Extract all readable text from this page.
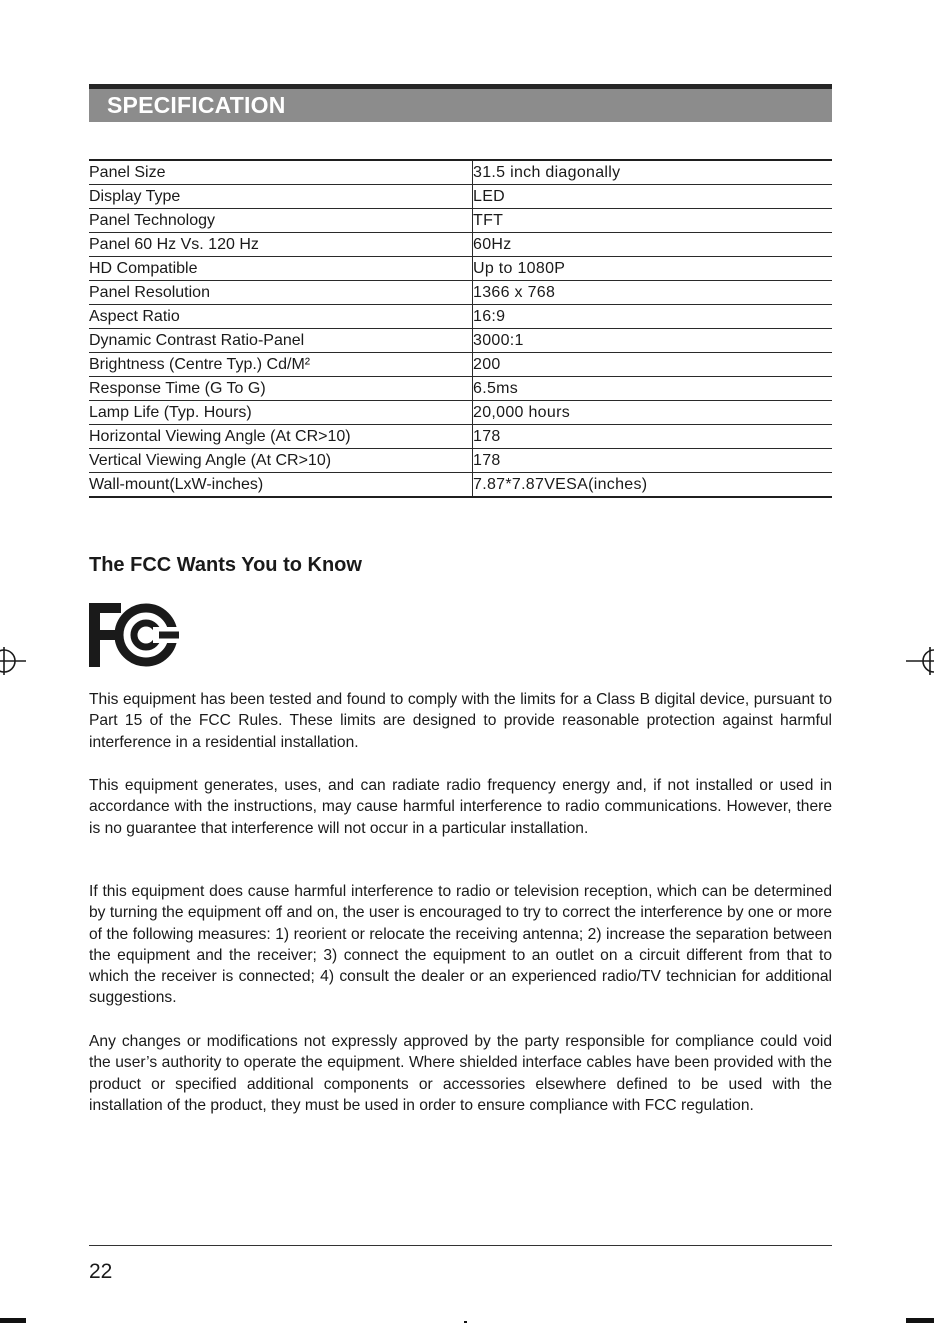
SPECIFICATION
Panel Size	31.5 inch diagonally
Display Type	LED
Panel Technology	TFT
Panel 60 Hz Vs. 120 Hz	60Hz
HD Compatible	Up to 1080P
Panel Resolution	1366 x 768
Aspect Ratio	16:9
Dynamic Contrast Ratio-Panel	3000:1
Brightness (Centre Typ.) Cd/M²	200
Response Time (G To G)	6.5ms
Lamp Life (Typ. Hours)	20,000 hours
Horizontal Viewing Angle (At CR>10)	178
Vertical Viewing Angle (At CR>10)	178
Wall-mount(LxW-inches)	7.87*7.87VESA(inches)
The FCC Wants You to Know

This equipment has been tested and found to comply with the limits for a Class B digital device, pursuant to Part 15 of the FCC Rules. These limits are designed to provide reasonable protection against harmful interference in a residential installation.

This equipment generates, uses, and can radiate radio frequency energy and, if not installed or used in accordance with the instructions, may cause harmful interference to radio communications. However, there is no guarantee that interference will not occur in a particular installation.

If this equipment does cause harmful interference to radio or television reception, which can be determined by turning the equipment off and on, the user is encouraged to try to correct the interference by one or more of the following measures: 1) reorient or relocate the receiving antenna; 2) increase the separation between the equipment and the receiver; 3) connect the equipment to an outlet on a circuit different from that to which the receiver is connected; 4) consult the dealer or an experienced radio/TV technician for additional suggestions.

Any changes or modifications not expressly approved by the party responsible for compliance could void the user’s authority to operate the equipment. Where shielded interface cables have been provided with the product or specified additional components or accessories elsewhere defined to be used with the installation of the product, they must be used in order to ensure compliance with FCC regulation.

22
